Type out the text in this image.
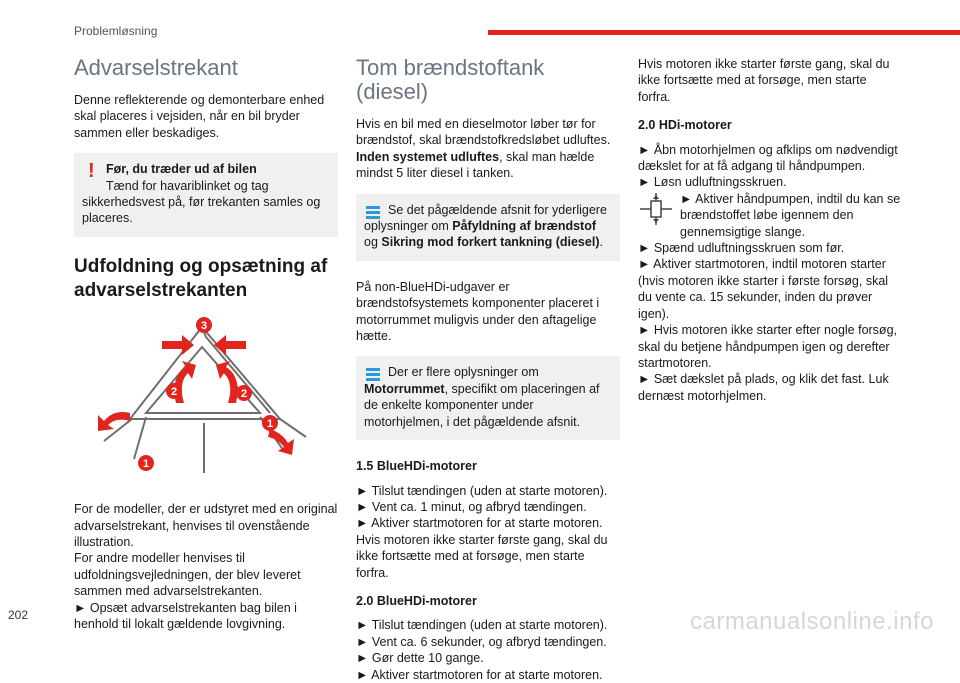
Problemløsning
Advarselstrekant

Denne reflekterende og demonterbare enhed skal placeres i vejsiden, når en bil bryder sammen eller beskadiges.

! Før, du træder ud af bilen
Tænd for havariblinket og tag sikkerhedsvest på, før trekanten samles og placeres.
Udfoldning og opsætning af advarselstrekanten
3
2	2
1
1

For de modeller, der er udstyret med en original advarselstrekant, henvises til ovenstående illustration.

For andre modeller henvises til udfoldningsvejledningen, der blev leveret sammen med advarselstrekanten.

► Opsæt advarselstrekanten bag bilen i henhold til lokalt gældende lovgivning.

Tom brændstoftank (diesel)

Hvis en bil med en dieselmotor løber tør for brændstof, skal brændstofkredsløbet udluftes. Inden systemet udluftes, skal man hælde mindst 5 liter diesel i tanken.

Se det pågældende afsnit for yderligere oplysninger om Påfyldning af brændstof og Sikring mod forkert tankning (diesel).

På non-BlueHDi-udgaver er brændstofsystemets komponenter placeret i motorrummet muligvis under den aftagelige hætte.

Der er flere oplysninger om Motorrummet, specifikt om placeringen af de enkelte komponenter under motorhjelmen, i det pågældende afsnit.

1.5 BlueHDi-motorer
► Tilslut tændingen (uden at starte motoren).
► Vent ca. 1 minut, og afbryd tændingen.
► Aktiver startmotoren for at starte motoren.
Hvis motoren ikke starter første gang, skal du ikke fortsætte med at forsøge, men starte forfra.
2.0 BlueHDi-motorer
► Tilslut tændingen (uden at starte motoren).
► Vent ca. 6 sekunder, og afbryd tændingen.
► Gør dette 10 gange.
► Aktiver startmotoren for at starte motoren.

Hvis motoren ikke starter første gang, skal du ikke fortsætte med at forsøge, men starte forfra.

2.0 HDi-motorer
► Åbn motorhjelmen og afklips om nødvendigt dækslet for at få adgang til håndpumpen.
► Løsn udluftningsskruen.
► Aktiver håndpumpen, indtil du kan se brændstoffet løbe igennem den gennemsigtige slange.
► Spænd udluftningsskruen som før.
► Aktiver startmotoren, indtil motoren starter (hvis motoren ikke starter i første forsøg, skal du vente ca. 15 sekunder, inden du prøver igen).
► Hvis motoren ikke starter efter nogle forsøg, skal du betjene håndpumpen igen og derefter startmotoren.
► Sæt dækslet på plads, og klik det fast. Luk dernæst motorhjelmen.
202	carmanualsonline.info
